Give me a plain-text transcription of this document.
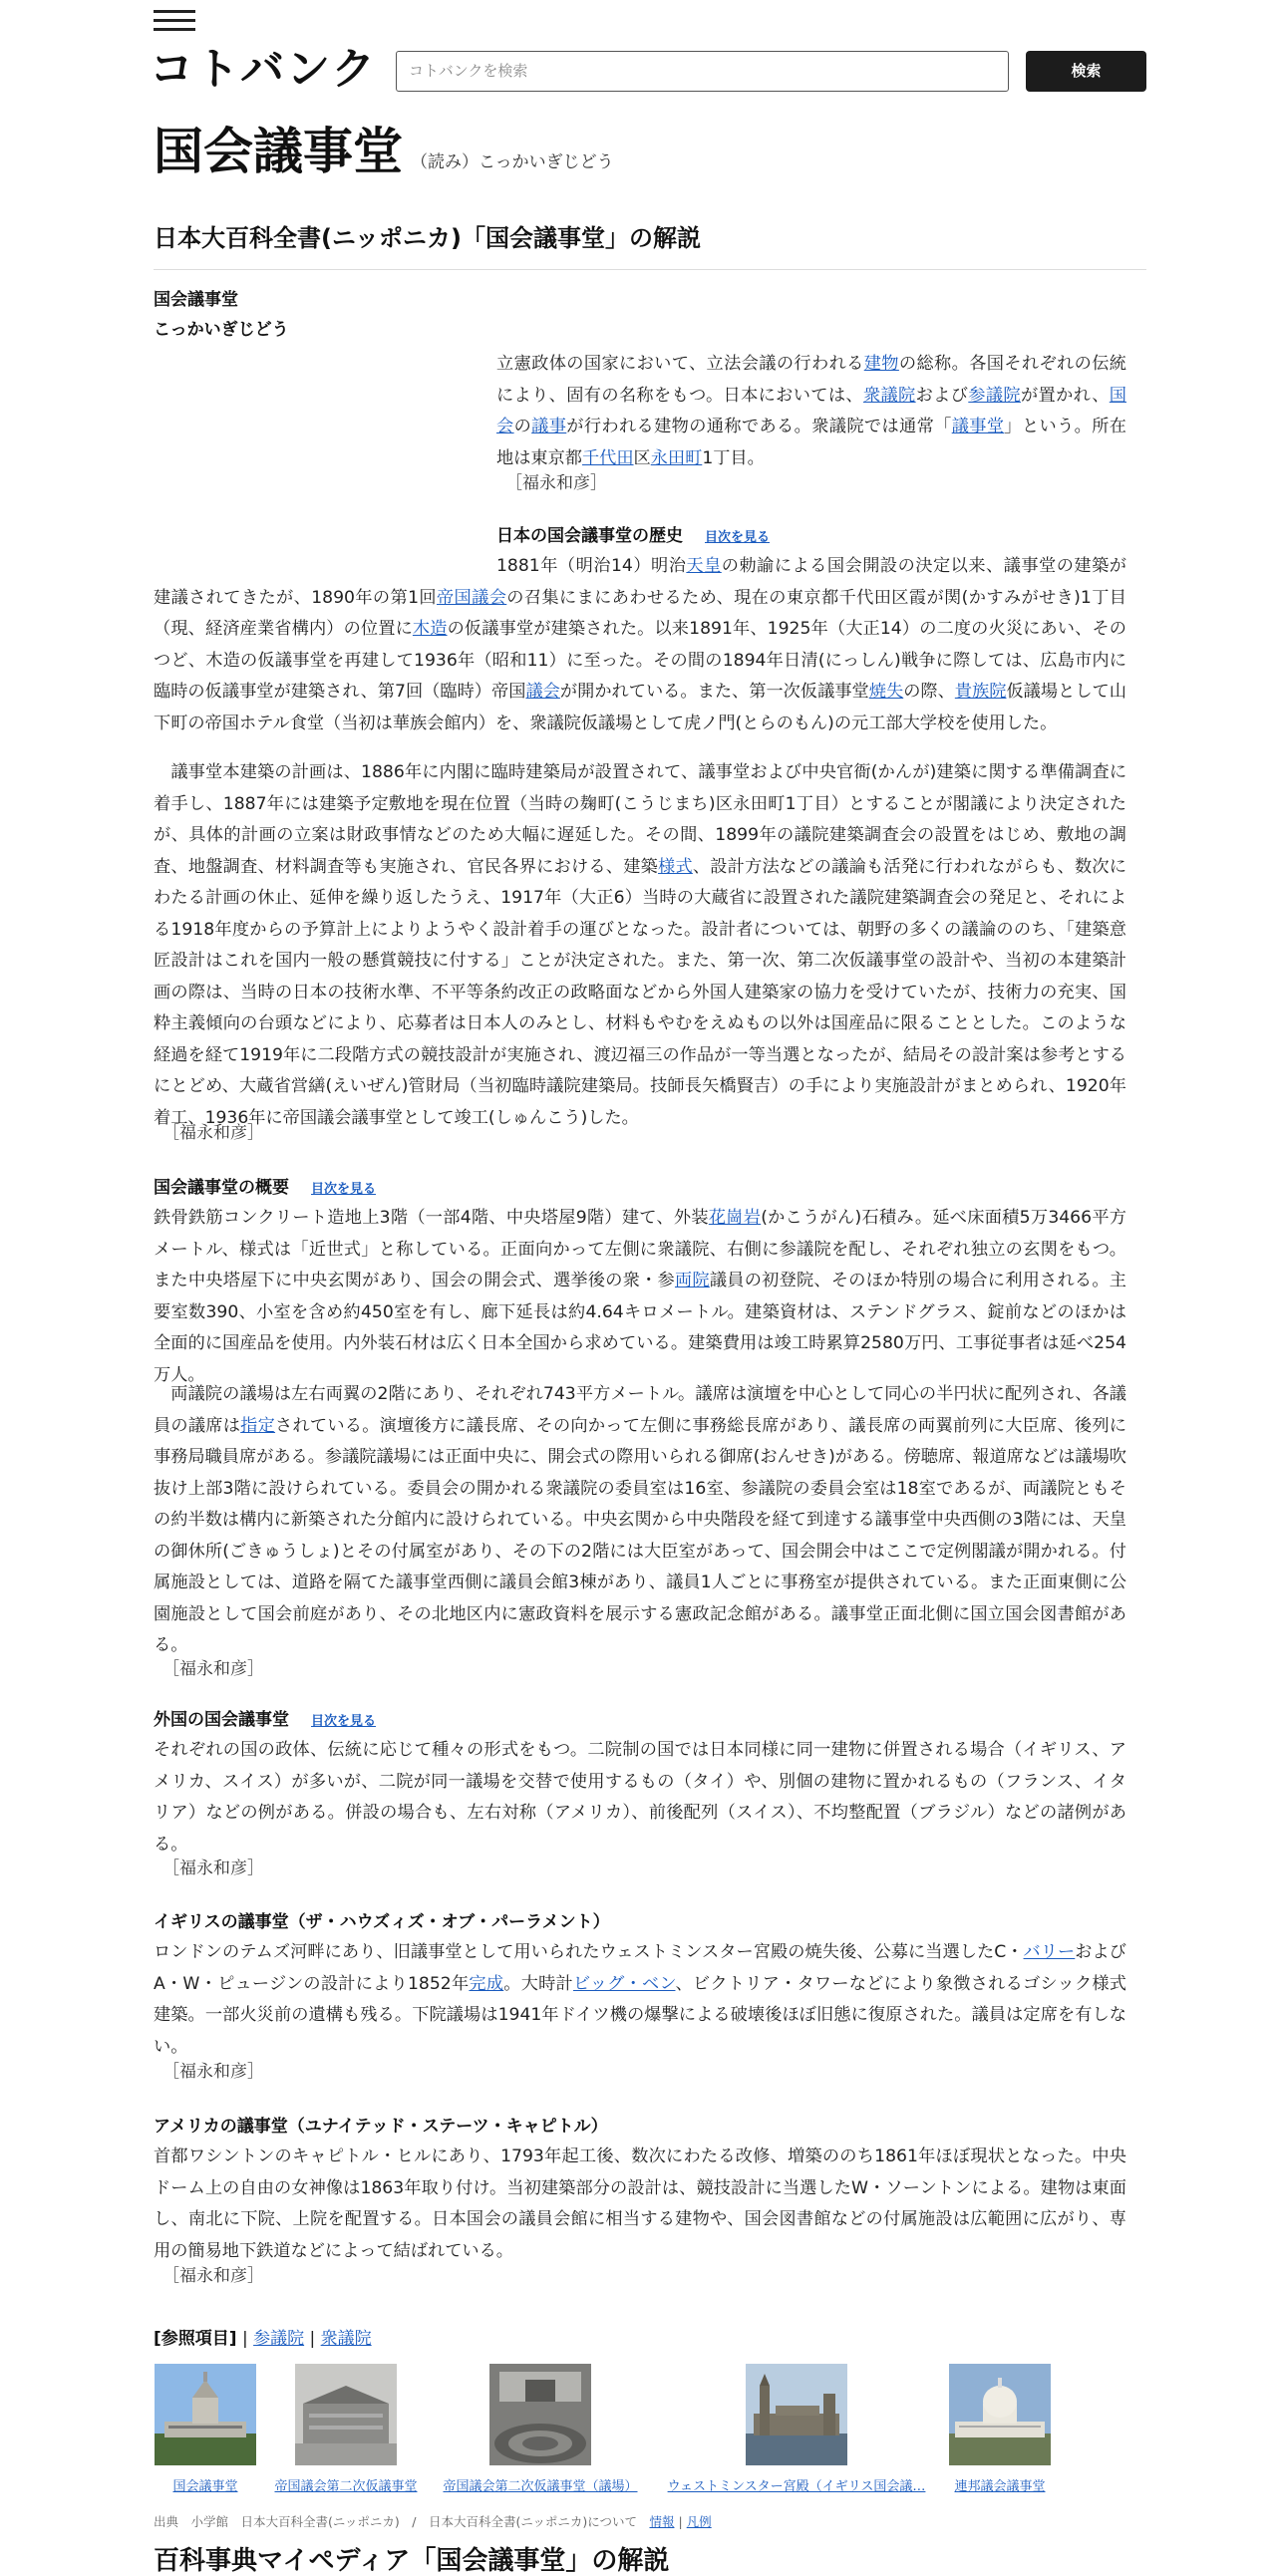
コトバンク	コトバンクを検索	検索
国会議事堂 （読み）こっかいぎじどう
日本大百科全書(ニッポニカ)「国会議事堂」の解説
国会議事堂
こっかいぎじどう
立憲政体の国家において、立法会議の行われる建物の総称。各国それぞれの伝統により、固有の名称をもつ。日本においては、衆議院および参議院が置かれ、国会の議事が行われる建物の通称である。衆議院では通常「議事堂」という。所在地は東京都千代田区永田町1丁目。
［福永和彦］
日本の国会議事堂の歴史 目次を見る
1881年（明治14）明治天皇の勅諭による国会開設の決定以来、議事堂の建築が建議されてきたが、1890年の第1回帝国議会の召集にまにあわせるため、現在の東京都千代田区霞が関(かすみがせき)1丁目（現、経済産業省構内）の位置に木造の仮議事堂が建築された。以来1891年、1925年（大正14）の二度の火災にあい、そのつど、木造の仮議事堂を再建して1936年（昭和11）に至った。その間の1894年日清(にっしん)戦争に際しては、広島市内に臨時の仮議事堂が建築され、第7回（臨時）帝国議会が開かれている。また、第一次仮議事堂焼失の際、貴族院仮議場として山下町の帝国ホテル食堂（当初は華族会館内）を、衆議院仮議場として虎ノ門(とらのもん)の元工部大学校を使用した。
　議事堂本建築の計画は、1886年に内閣に臨時建築局が設置されて、議事堂および中央官衙(かんが)建築に関する準備調査に着手し、1887年には建築予定敷地を現在位置（当時の麹町(こうじまち)区永田町1丁目）とすることが閣議により決定されたが、具体的計画の立案は財政事情などのため大幅に遅延した。その間、1899年の議院建築調査会の設置をはじめ、敷地の調査、地盤調査、材料調査等も実施され、官民各界における、建築様式、設計方法などの議論も活発に行われながらも、数次にわたる計画の休止、延伸を繰り返したうえ、1917年（大正6）当時の大蔵省に設置された議院建築調査会の発足と、それによる1918年度からの予算計上によりようやく設計着手の運びとなった。設計者については、朝野の多くの議論ののち、「建築意匠設計はこれを国内一般の懸賞競技に付する」ことが決定された。また、第一次、第二次仮議事堂の設計や、当初の本建築計画の際は、当時の日本の技術水準、不平等条約改正の政略面などから外国人建築家の協力を受けていたが、技術力の充実、国粋主義傾向の台頭などにより、応募者は日本人のみとし、材料もやむをえぬもの以外は国産品に限ることとした。このような経過を経て1919年に二段階方式の競技設計が実施され、渡辺福三の作品が一等当選となったが、結局その設計案は参考とするにとどめ、大蔵省営繕(えいぜん)管財局（当初臨時議院建築局。技師長矢橋賢吉）の手により実施設計がまとめられ、1920年着工、1936年に帝国議会議事堂として竣工(しゅんこう)した。
［福永和彦］
国会議事堂の概要 目次を見る
鉄骨鉄筋コンクリート造地上3階（一部4階、中央塔屋9階）建て、外装花崗岩(かこうがん)石積み。延べ床面積5万3466平方メートル、様式は「近世式」と称している。正面向かって左側に衆議院、右側に参議院を配し、それぞれ独立の玄関をもつ。また中央塔屋下に中央玄関があり、国会の開会式、選挙後の衆・参両院議員の初登院、そのほか特別の場合に利用される。主要室数390、小室を含め約450室を有し、廊下延長は約4.64キロメートル。建築資材は、ステンドグラス、錠前などのほかは全面的に国産品を使用。内外装石材は広く日本全国から求めている。建築費用は竣工時累算2580万円、工事従事者は延べ254万人。
　両議院の議場は左右両翼の2階にあり、それぞれ743平方メートル。議席は演壇を中心として同心の半円状に配列され、各議員の議席は指定されている。演壇後方に議長席、その向かって左側に事務総長席があり、議長席の両翼前列に大臣席、後列に事務局職員席がある。参議院議場には正面中央に、開会式の際用いられる御席(おんせき)がある。傍聴席、報道席などは議場吹抜け上部3階に設けられている。委員会の開かれる衆議院の委員室は16室、参議院の委員会室は18室であるが、両議院ともその約半数は構内に新築された分館内に設けられている。中央玄関から中央階段を経て到達する議事堂中央西側の3階には、天皇の御休所(ごきゅうしょ)とその付属室があり、その下の2階には大臣室があって、国会開会中はここで定例閣議が開かれる。付属施設としては、道路を隔てた議事堂西側に議員会館3棟があり、議員1人ごとに事務室が提供されている。また正面東側に公園施設として国会前庭があり、その北地区内に憲政資料を展示する憲政記念館がある。議事堂正面北側に国立国会図書館がある。
［福永和彦］
外国の国会議事堂 目次を見る
それぞれの国の政体、伝統に応じて種々の形式をもつ。二院制の国では日本同様に同一建物に併置される場合（イギリス、アメリカ、スイス）が多いが、二院が同一議場を交替で使用するもの（タイ）や、別個の建物に置かれるもの（フランス、イタリア）などの例がある。併設の場合も、左右対称（アメリカ）、前後配列（スイス）、不均整配置（ブラジル）などの諸例がある。
［福永和彦］
イギリスの議事堂（ザ・ハウズィズ・オブ・パーラメント）
ロンドンのテムズ河畔にあり、旧議事堂として用いられたウェストミンスター宮殿の焼失後、公募に当選したC・バリーおよびA・W・ピュージンの設計により1852年完成。大時計ビッグ・ベン、ビクトリア・タワーなどにより象徴されるゴシック様式建築。一部火災前の遺構も残る。下院議場は1941年ドイツ機の爆撃による破壊後ほぼ旧態に復原された。議員は定席を有しない。
［福永和彦］
アメリカの議事堂（ユナイテッド・ステーツ・キャピトル）
首都ワシントンのキャピトル・ヒルにあり、1793年起工後、数次にわたる改修、増築ののち1861年ほぼ現状となった。中央ドーム上の自由の女神像は1863年取り付け。当初建築部分の設計は、競技設計に当選したW・ソーントンによる。建物は東面し、南北に下院、上院を配置する。日本国会の議員会館に相当する建物や、国会図書館などの付属施設は広範囲に広がり、専用の簡易地下鉄道などによって結ばれている。
［福永和彦］
[参照項目] | 参議院 | 衆議院
国会議事堂	帝国議会第二次仮議事堂	帝国議会第二次仮議事堂（議場）	ウェストミンスター宮殿（イギリス国会議…	連邦議会議事堂
出典　小学館　日本大百科全書(ニッポニカ)　/　日本大百科全書(ニッポニカ)について　情報 | 凡例
百科事典マイペディア「国会議事堂」の解説
